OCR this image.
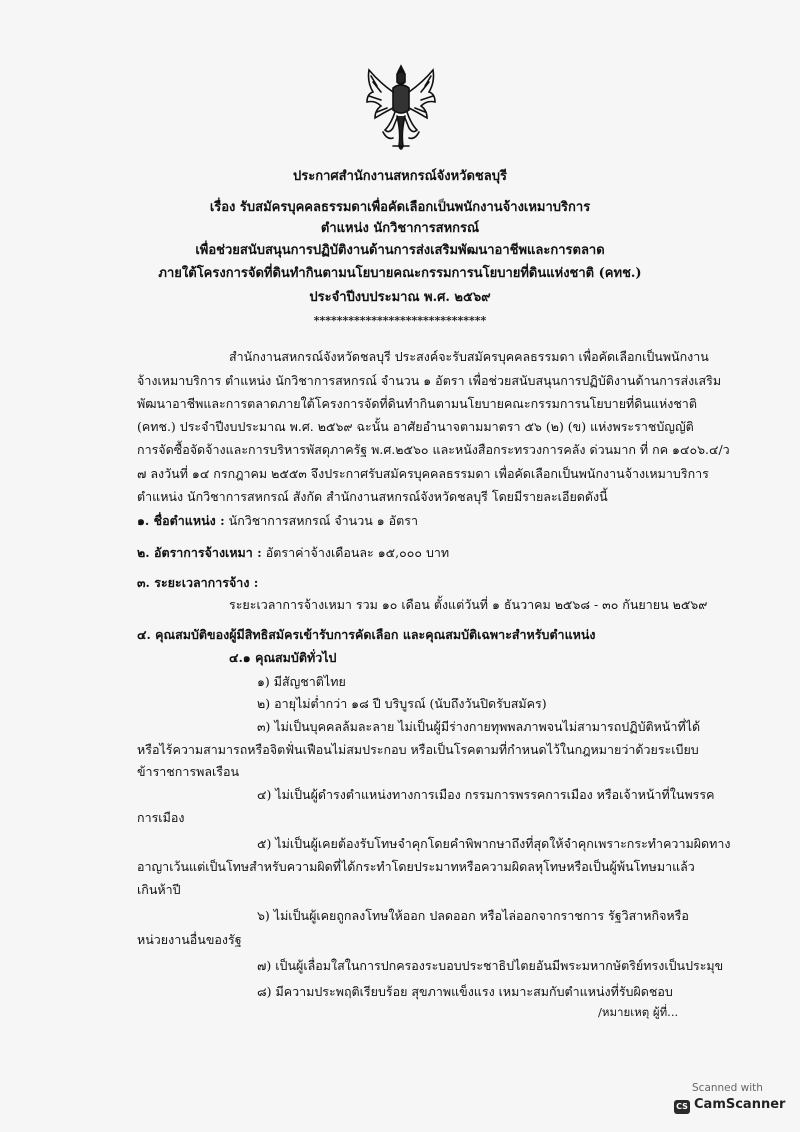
ประกาศสำนักงานสหกรณ์จังหวัดชลบุรี
เรื่อง รับสมัครบุคคลธรรมดาเพื่อคัดเลือกเป็นพนักงานจ้างเหมาบริการ
ตำแหน่ง นักวิชาการสหกรณ์
เพื่อช่วยสนับสนุนการปฏิบัติงานด้านการส่งเสริมพัฒนาอาชีพและการตลาด
ภายใต้โครงการจัดที่ดินทำกินตามนโยบายคณะกรรมการนโยบายที่ดินแห่งชาติ (คทช.)
ประจำปีงบประมาณ พ.ศ. ๒๕๖๙
******************************
สำนักงานสหกรณ์จังหวัดชลบุรี ประสงค์จะรับสมัครบุคคลธรรมดา เพื่อคัดเลือกเป็นพนักงาน
จ้างเหมาบริการ ตำแหน่ง นักวิชาการสหกรณ์ จำนวน ๑ อัตรา เพื่อช่วยสนับสนุนการปฏิบัติงานด้านการส่งเสริม
พัฒนาอาชีพและการตลาดภายใต้โครงการจัดที่ดินทำกินตามนโยบายคณะกรรมการนโยบายที่ดินแห่งชาติ
(คทช.) ประจำปีงบประมาณ พ.ศ. ๒๕๖๙ ฉะนั้น อาศัยอำนาจตามมาตรา ๕๖ (๒) (ข) แห่งพระราชบัญญัติ
การจัดซื้อจัดจ้างและการบริหารพัสดุภาครัฐ พ.ศ.๒๕๖๐ และหนังสือกระทรวงการคลัง ด่วนมาก ที่ กค ๑๔๐๖.๔/ว
๗ ลงวันที่ ๑๔ กรกฎาคม ๒๕๕๓ จึงประกาศรับสมัครบุคคลธรรมดา เพื่อคัดเลือกเป็นพนักงานจ้างเหมาบริการ
ตำแหน่ง นักวิชาการสหกรณ์ สังกัด สำนักงานสหกรณ์จังหวัดชลบุรี โดยมีรายละเอียดดังนี้
๑. ชื่อตำแหน่ง : นักวิชาการสหกรณ์ จำนวน ๑ อัตรา
๒. อัตราการจ้างเหมา : อัตราค่าจ้างเดือนละ ๑๕,๐๐๐ บาท
๓. ระยะเวลาการจ้าง :
ระยะเวลาการจ้างเหมา รวม ๑๐ เดือน ตั้งแต่วันที่ ๑ ธันวาคม ๒๕๖๘ - ๓๐ กันยายน ๒๕๖๙
๔. คุณสมบัติของผู้มีสิทธิสมัครเข้ารับการคัดเลือก และคุณสมบัติเฉพาะสำหรับตำแหน่ง
๔.๑ คุณสมบัติทั่วไป
๑) มีสัญชาติไทย
๒) อายุไม่ต่ำกว่า ๑๘ ปี บริบูรณ์ (นับถึงวันปิดรับสมัคร)
๓) ไม่เป็นบุคคลล้มละลาย ไม่เป็นผู้มีร่างกายทุพพลภาพจนไม่สามารถปฏิบัติหน้าที่ได้
หรือไร้ความสามารถหรือจิตฟั่นเฟือนไม่สมประกอบ หรือเป็นโรคตามที่กำหนดไว้ในกฎหมายว่าด้วยระเบียบ
ข้าราชการพลเรือน
๔) ไม่เป็นผู้ดำรงตำแหน่งทางการเมือง กรรมการพรรคการเมือง หรือเจ้าหน้าที่ในพรรค
การเมือง
๕) ไม่เป็นผู้เคยต้องรับโทษจำคุกโดยคำพิพากษาถึงที่สุดให้จำคุกเพราะกระทำความผิดทาง
อาญาเว้นแต่เป็นโทษสำหรับความผิดที่ได้กระทำโดยประมาทหรือความผิดลหุโทษหรือเป็นผู้พ้นโทษมาแล้ว
เกินห้าปี
๖) ไม่เป็นผู้เคยถูกลงโทษให้ออก ปลดออก หรือไล่ออกจากราชการ รัฐวิสาหกิจหรือ
หน่วยงานอื่นของรัฐ
๗) เป็นผู้เลื่อมใสในการปกครองระบอบประชาธิปไตยอันมีพระมหากษัตริย์ทรงเป็นประมุข
๘) มีความประพฤติเรียบร้อย สุขภาพแข็งแรง เหมาะสมกับตำแหน่งที่รับผิดชอบ
/หมายเหตุ ผู้ที่...
Scanned with
CS CamScanner
